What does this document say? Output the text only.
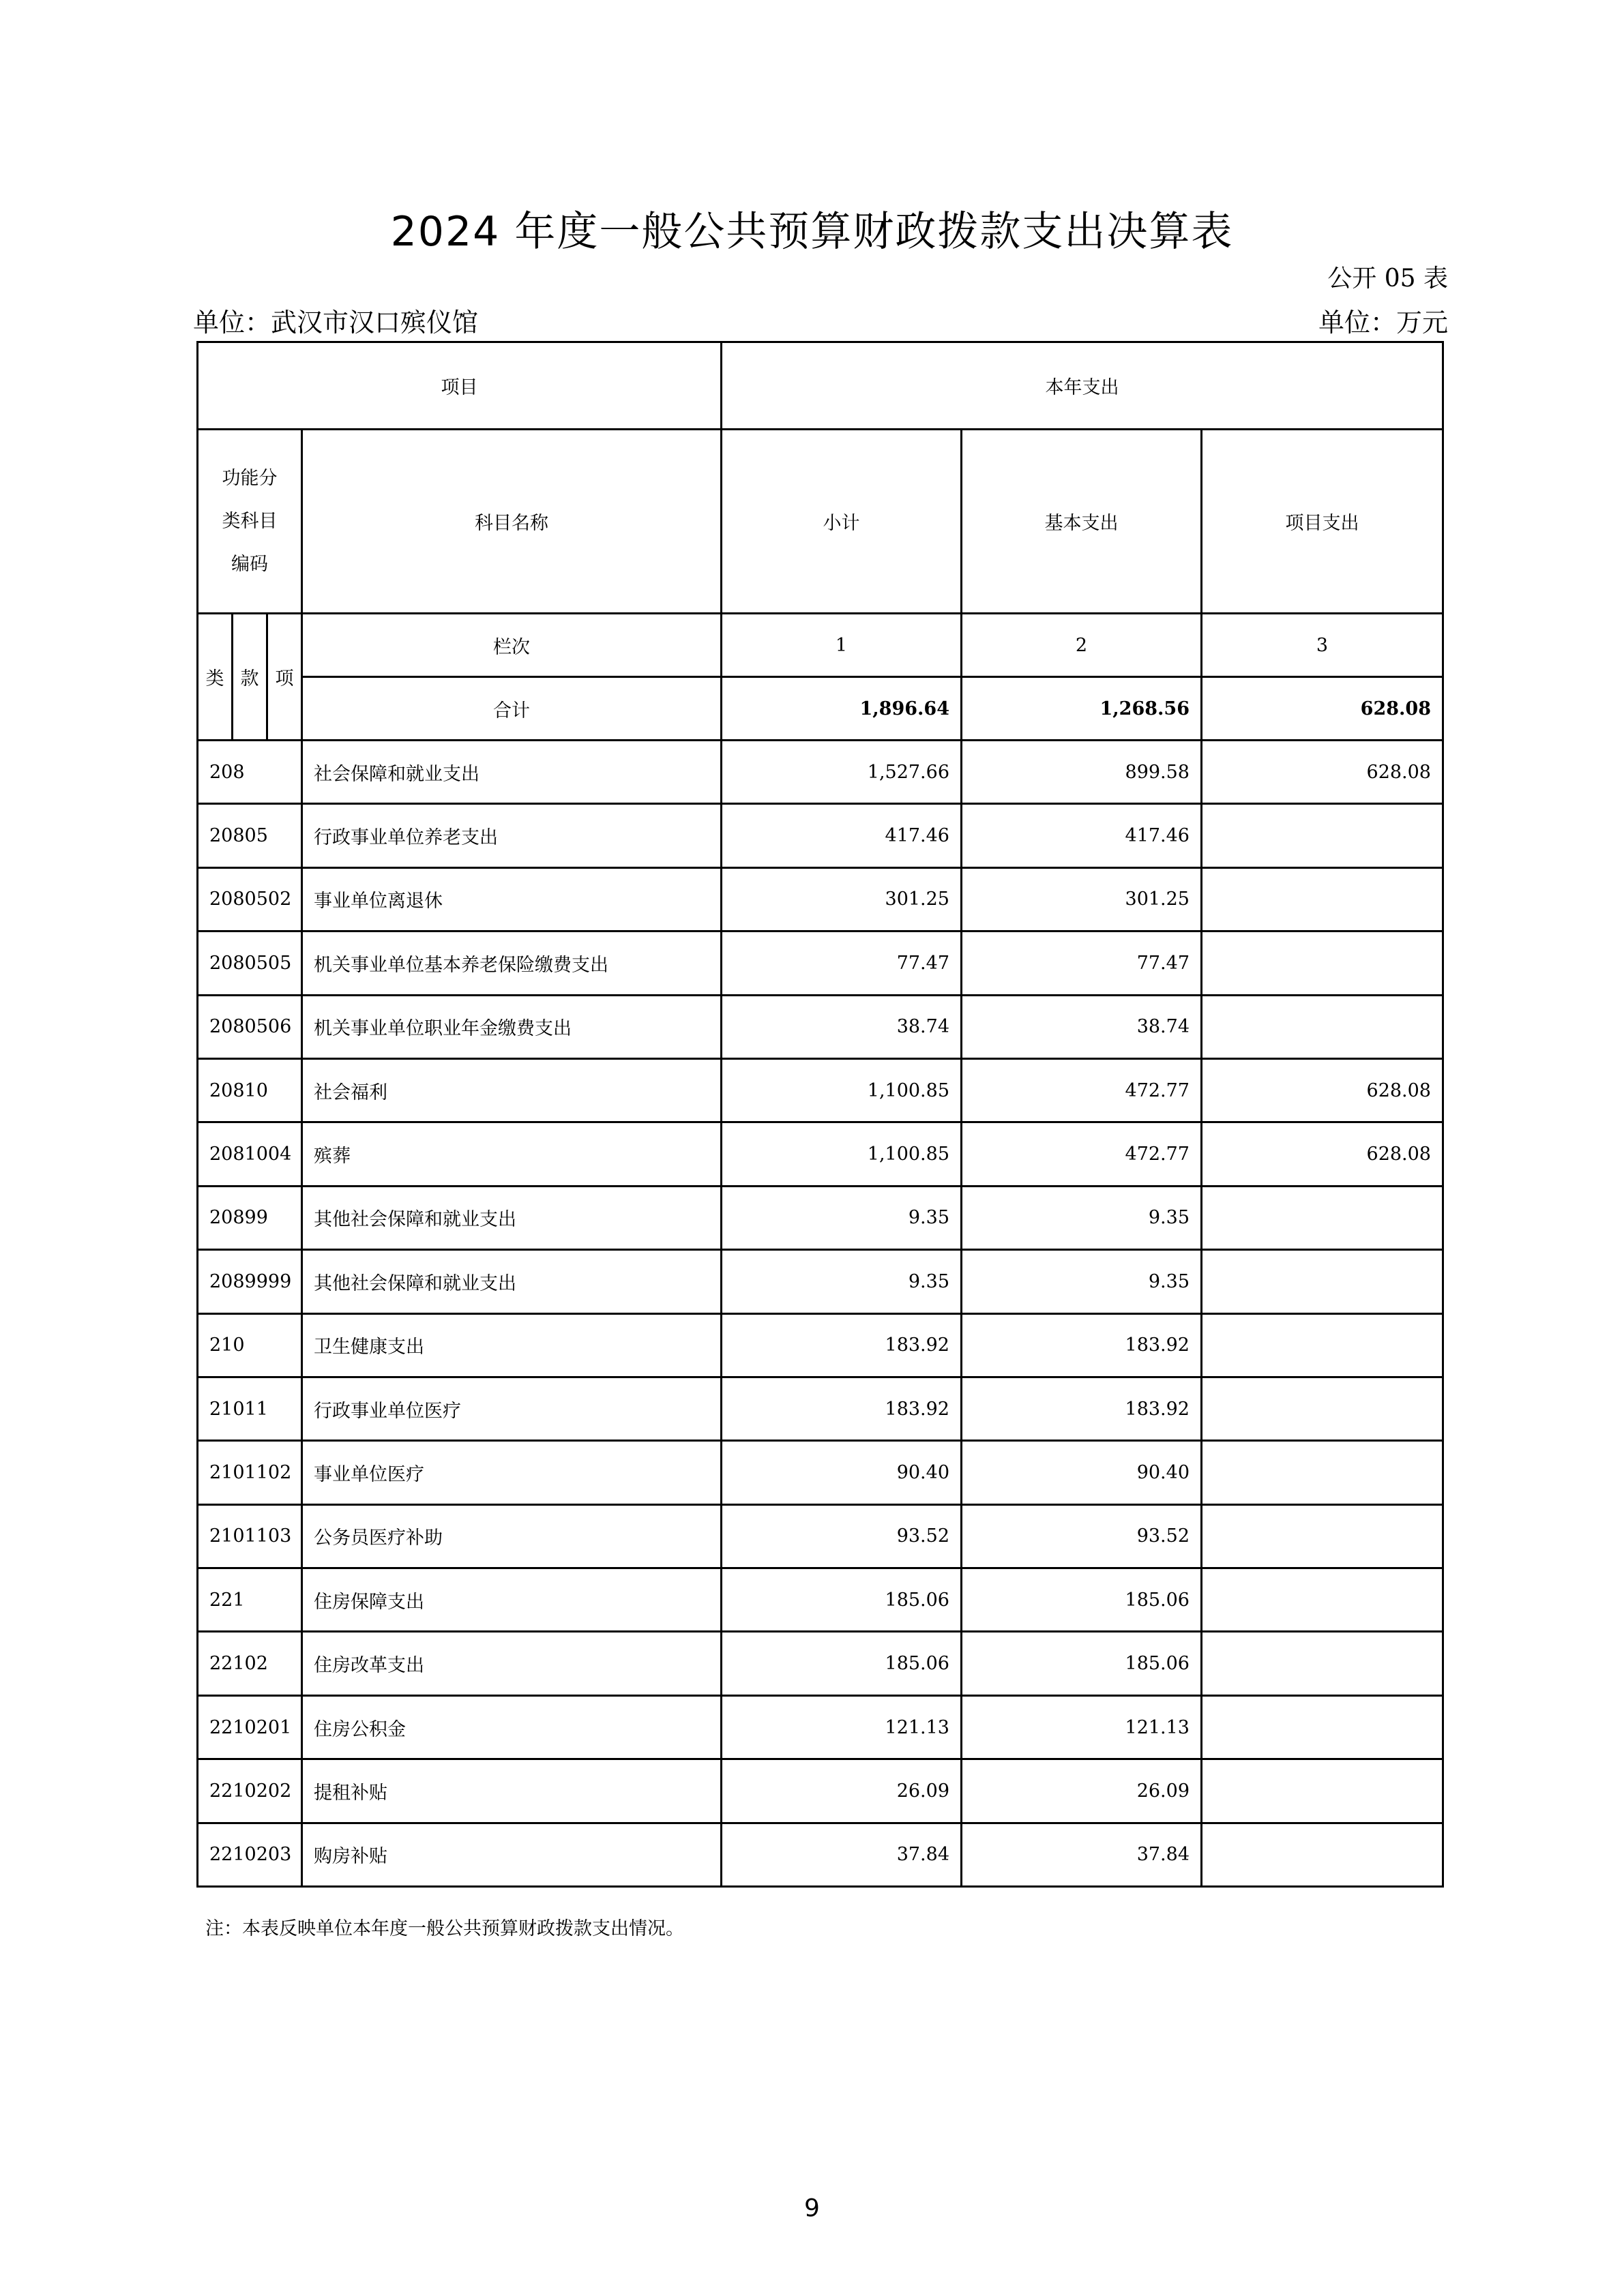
2024 年度一般公共预算财政拨款支出决算表
公开 05 表
单位：武汉市汉口殡仪馆	单位：万元
项目				本年支出		
功能分
类科目
编码			科目名称	小计	基本支出	项目支出
类	款	项	栏次	1	2	3
			合计	1,896.64	1,268.56	628.08
208			社会保障和就业支出	1,527.66	899.58	628.08
20805			行政事业单位养老支出	417.46	417.46	
2080502			事业单位离退休	301.25	301.25	
2080505			机关事业单位基本养老保险缴费支出	77.47	77.47	
2080506			机关事业单位职业年金缴费支出	38.74	38.74	
20810			社会福利	1,100.85	472.77	628.08
2081004			殡葬	1,100.85	472.77	628.08
20899			其他社会保障和就业支出	9.35	9.35	
2089999			其他社会保障和就业支出	9.35	9.35	
210			卫生健康支出	183.92	183.92	
21011			行政事业单位医疗	183.92	183.92	
2101102			事业单位医疗	90.40	90.40	
2101103			公务员医疗补助	93.52	93.52	
221			住房保障支出	185.06	185.06	
22102			住房改革支出	185.06	185.06	
2210201			住房公积金	121.13	121.13	
2210202			提租补贴	26.09	26.09	
2210203			购房补贴	37.84	37.84	
注：本表反映单位本年度一般公共预算财政拨款支出情况。
9
